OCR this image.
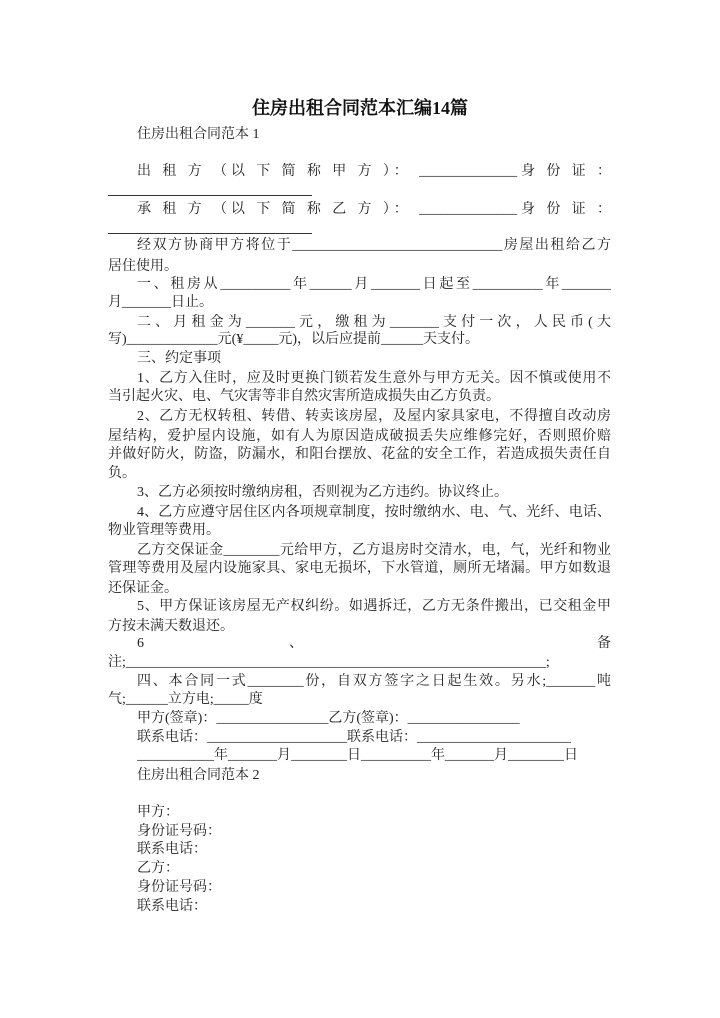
住房出租合同范本汇编14篇
住房出租合同范本 1
出 租 方 （以 下 简 称 甲 方 ）： ______________身 份 证 ：
承 租 方 （以 下 简 称 乙 方 ）： ______________身 份 证 ：
经双方协商甲方将位于______________________________房屋出租给乙方
居住使用。
一、租房从__________年______月_______日起至__________年_______
月_______日止。
二、月租金为_______元，缴租为_______支付一次，人民币(大
写)_____________元(¥_____元)，以后应提前______天支付。
三、约定事项
1、乙方入住时，应及时更换门锁若发生意外与甲方无关。因不慎或使用不
当引起火灾、电、气灾害等非自然灾害所造成损失由乙方负责。
2、乙方无权转租、转借、转卖该房屋，及屋内家具家电，不得擅自改动房
屋结构，爱护屋内设施，如有人为原因造成破损丢失应维修完好，否则照价赔
并做好防火，防盗，防漏水，和阳台摆放、花盆的安全工作，若造成损失责任自
负。
3、乙方必须按时缴纳房租，否则视为乙方违约。协议终止。
4、乙方应遵守居住区内各项规章制度，按时缴纳水、电、气、光纤、电话、
物业管理等费用。
乙方交保证金________元给甲方，乙方退房时交清水，电，气，光纤和物业
管理等费用及屋内设施家具、家电无损坏，下水管道，厕所无堵漏。甲方如数退
还保证金。
5、甲方保证该房屋无产权纠纷。如遇拆迁，乙方无条件搬出，已交租金甲
方按未满天数退还。
6、 备
注;____________________________________________________________;
四、本合同一式________份，自双方签字之日起生效。另水;_______吨
气;______立方电;_____度
甲方(签章)：________________乙方(签章)：________________
联系电话：____________________联系电话：______________________
___________年_______月________日__________年_______月________日
住房出租合同范本 2
甲方：
身份证号码：
联系电话：
乙方：
身份证号码：
联系电话：
